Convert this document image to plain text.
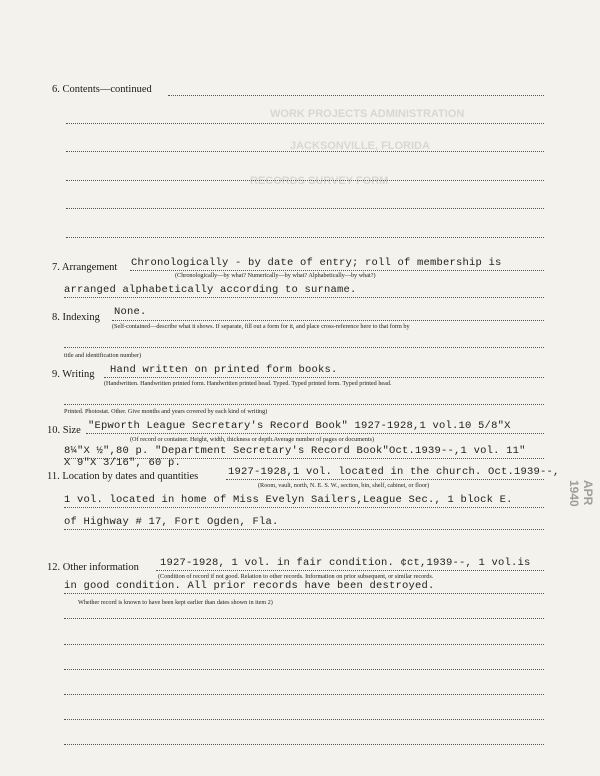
WORK PROJECTS ADMINISTRATION
JACKSONVILLE, FLORIDA
RECORDS SURVEY FORM
6. Contents—continued
7. Arrangement Chronologically - by date of entry; roll of membership is
(Chronologically—by what? Numerically—by what? Alphabetically—by what?)
arranged alphabetically according to surname.
8. Indexing None.
(Self-contained—describe what it shows. If separate, fill out a form for it, and place cross-reference here to that form by
title and identification number)
9. Writing Hand written on printed form books.
(Handwritten. Handwritten printed form. Handwritten printed head. Typed. Typed printed form. Typed printed head.
Printed. Photostat. Other. Give months and years covered by each kind of writing)
10. Size "Epworth League Secretary's Record Book" 1927-1928,1 vol.10 5/8"X
(Of record or container. Height, width, thickness or depth.Average number of pages or documents)
8¼"X ½",80 p. "Department Secretary's Record Book"Oct.1939--,1 vol. 11"
X 9"X 3/16", 60 p.
11. Location by dates and quantities	1927-1928,1 vol. located in the church. Oct.1939--,
(Room, vault, north, N. E. S. W., section, bin, shelf, cabinet, or floor)
1 vol. located in home of Miss Evelyn Sailers,League Sec., 1 block E.
of Highway # 17, Fort Ogden, Fla.
12. Other information 1927-1928, 1 vol. in fair condition. ¢ct,1939--, 1 vol.is
(Condition of record if not good. Relation to other records. Information on prior subsequent, or similar records.
in good condition. All prior records have been destroyed.
Whether record is known to have been kept earlier than dates shown in item 2)
APR 1940
